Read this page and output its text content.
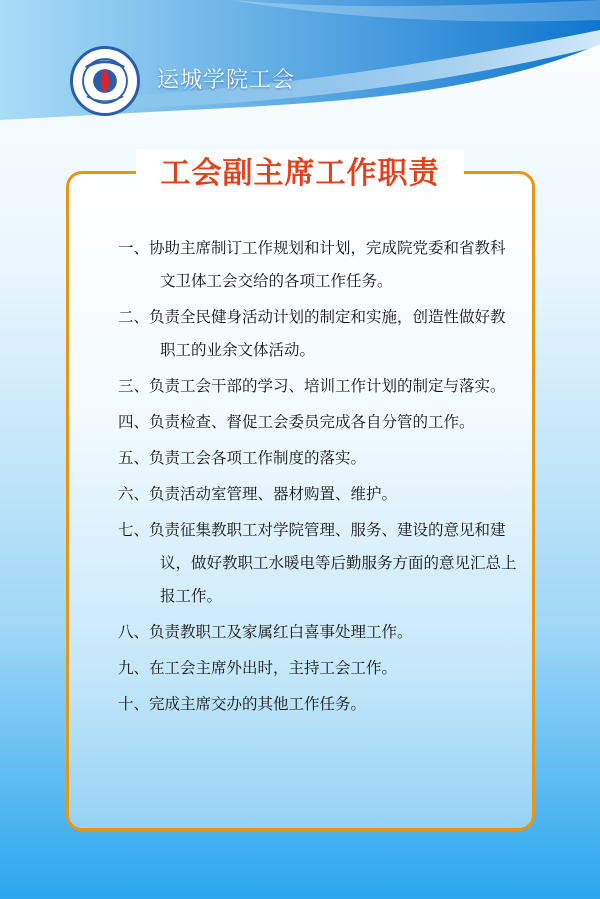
运城学院工会
工会副主席工作职责
一、协助主席制订工作规划和计划，完成院党委和省教科文卫体工会交给的各项工作任务。
二、负责全民健身活动计划的制定和实施，创造性做好教职工的业余文体活动。
三、负责工会干部的学习、培训工作计划的制定与落实。
四、负责检查、督促工会委员完成各自分管的工作。
五、负责工会各项工作制度的落实。
六、负责活动室管理、器材购置、维护。
七、负责征集教职工对学院管理、服务、建设的意见和建议，做好教职工水暖电等后勤服务方面的意见汇总上报工作。
八、负责教职工及家属红白喜事处理工作。
九、在工会主席外出时，主持工会工作。
十、完成主席交办的其他工作任务。
